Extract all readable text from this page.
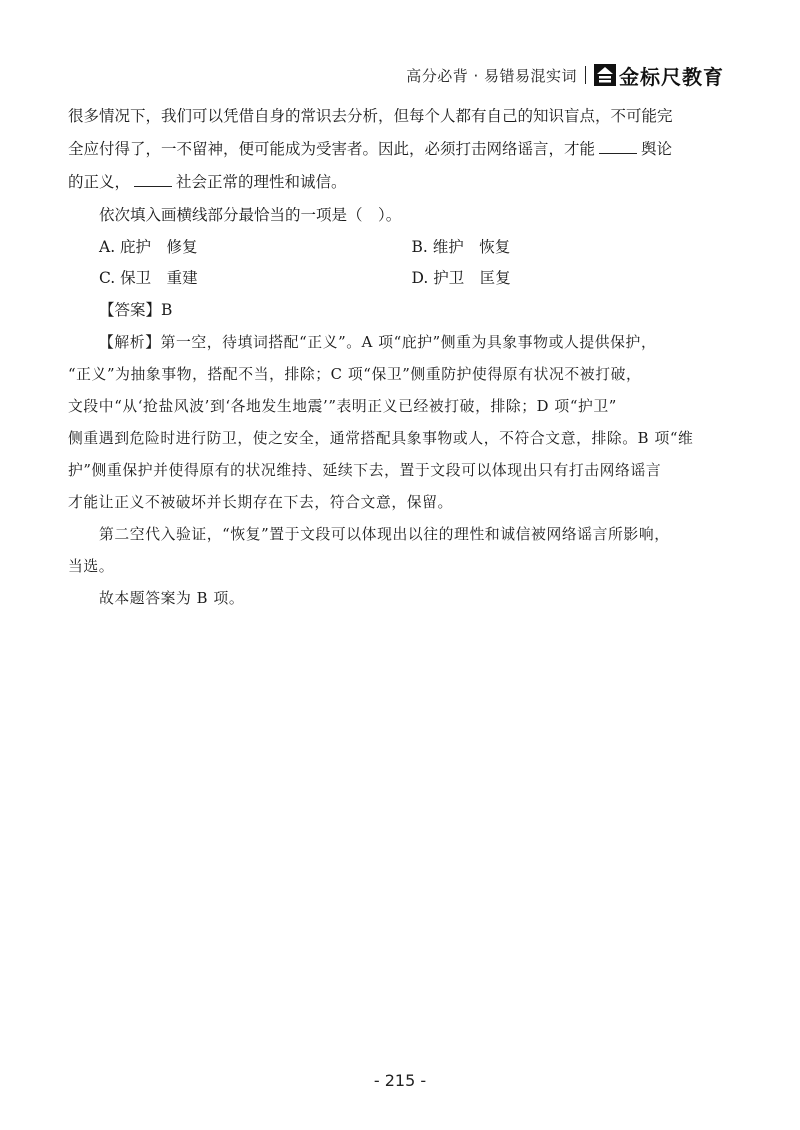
高分必背 · 易错易混实词 金标尺教育

很多情况下，我们可以凭借自身的常识去分析，但每个人都有自己的知识盲点，不可能完
全应付得了，一不留神，便可能成为受害者。因此，必须打击网络谣言，才能	舆论
的正义，	社会正常的理性和诚信。

依次填入画横线部分最恰当的一项是（　）。

A. 庇护　修复	B. 维护　恢复
C. 保卫　重建	D. 护卫　匡复

【答案】B

【解析】第一空，待填词搭配“正义”。A 项“庇护”侧重为具象事物或人提供保护，
“正义”为抽象事物，搭配不当，排除；C 项“保卫”侧重防护使得原有状况不被打破，
文段中“从‘抢盐风波’到‘各地发生地震’”表明正义已经被打破，排除；D 项“护卫”
侧重遇到危险时进行防卫，使之安全，通常搭配具象事物或人，不符合文意，排除。B 项“维
护”侧重保护并使得原有的状况维持、延续下去，置于文段可以体现出只有打击网络谣言
才能让正义不被破坏并长期存在下去，符合文意，保留。
第二空代入验证，“恢复”置于文段可以体现出以往的理性和诚信被网络谣言所影响，
当选。
故本题答案为 B 项。
- 215 -
